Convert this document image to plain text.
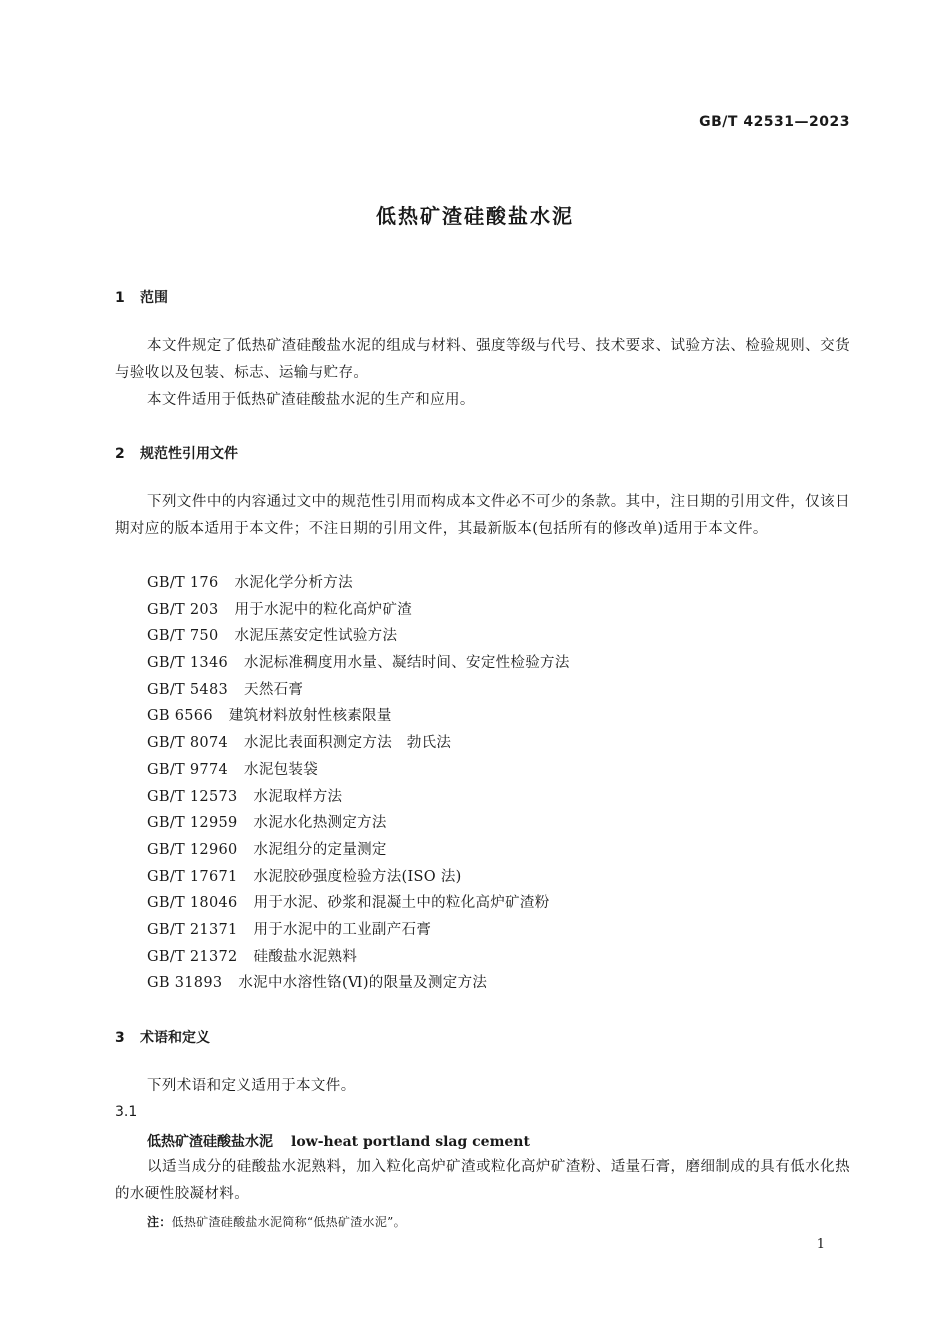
GB/T 42531—2023
低热矿渣硅酸盐水泥
1 范围
本文件规定了低热矿渣硅酸盐水泥的组成与材料、强度等级与代号、技术要求、试验方法、检验规则、交货与验收以及包装、标志、运输与贮存。
本文件适用于低热矿渣硅酸盐水泥的生产和应用。
2 规范性引用文件
下列文件中的内容通过文中的规范性引用而构成本文件必不可少的条款。其中，注日期的引用文件，仅该日期对应的版本适用于本文件；不注日期的引用文件，其最新版本(包括所有的修改单)适用于本文件。
GB/T 176 水泥化学分析方法
GB/T 203 用于水泥中的粒化高炉矿渣
GB/T 750 水泥压蒸安定性试验方法
GB/T 1346 水泥标准稠度用水量、凝结时间、安定性检验方法
GB/T 5483 天然石膏
GB 6566 建筑材料放射性核素限量
GB/T 8074 水泥比表面积测定方法　勃氏法
GB/T 9774 水泥包装袋
GB/T 12573 水泥取样方法
GB/T 12959 水泥水化热测定方法
GB/T 12960 水泥组分的定量测定
GB/T 17671 水泥胶砂强度检验方法(ISO 法)
GB/T 18046 用于水泥、砂浆和混凝土中的粒化高炉矿渣粉
GB/T 21371 用于水泥中的工业副产石膏
GB/T 21372 硅酸盐水泥熟料
GB 31893 水泥中水溶性铬(Ⅵ)的限量及测定方法
3 术语和定义
下列术语和定义适用于本文件。
3.1
低热矿渣硅酸盐水泥 low-heat portland slag cement
以适当成分的硅酸盐水泥熟料，加入粒化高炉矿渣或粒化高炉矿渣粉、适量石膏，磨细制成的具有低水化热的水硬性胶凝材料。
注：低热矿渣硅酸盐水泥简称“低热矿渣水泥”。
1
